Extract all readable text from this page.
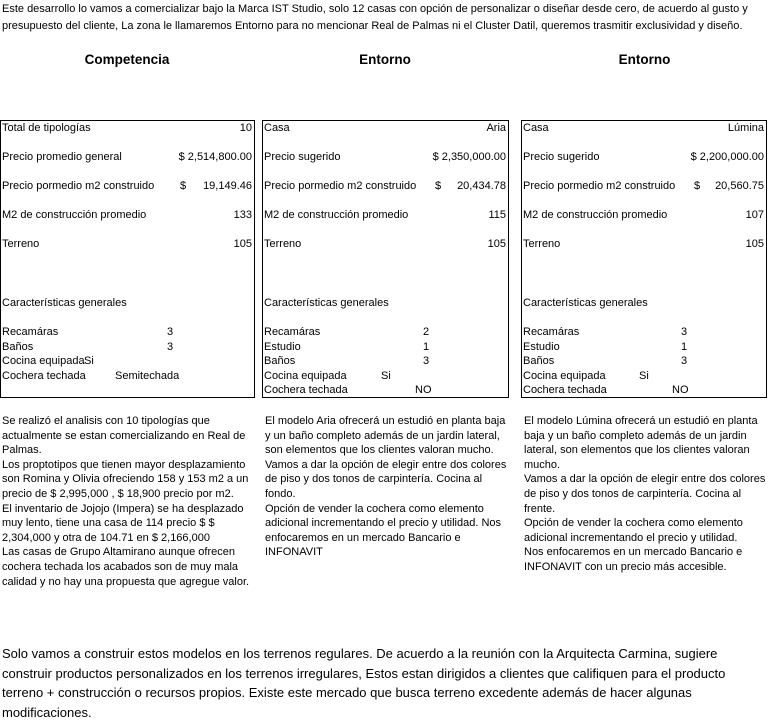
Este desarrollo lo vamos a comercializar bajo la Marca IST Studio, solo 12 casas con opción de personalizar o diseñar desde cero, de acuerdo al gusto y presupuesto del cliente, La zona le llamaremos Entorno para no mencionar Real de Palmas ni el Cluster Datil, queremos trasmitir exclusividad y diseño.
Competencia	Entorno	Entorno
Total de tipologías	10
Precio promedio general	$ 2,514,800.00
Precio pormedio m2 construido $ 19,149.46
M2 de construcción promedio	133
Terreno	105
Características generales
Recamáras	3
Baños	3
Cocina equipada Si
Cochera techada	Semitechada
Casa	Aria
Precio sugerido	$ 2,350,000.00
Precio pormedio m2 construido $ 20,434.78
M2 de construcción promedio	115
Terreno	105
Características generales
Recamáras	2
Estudio	1
Baños	3
Cocina equipada	Si
Cochera techada	NO
Casa	Lúmina
Precio sugerido	$ 2,200,000.00
Precio pormedio m2 construido $ 20,560.75
M2 de construcción promedio	107
Terreno	105
Características generales
Recamáras	3
Estudio	1
Baños	3
Cocina equipada	Si
Cochera techada	NO

Se realizó el analisis con 10 tipologías que actualmente se estan comercializando en Real de Palmas.

Los proptotipos que tienen mayor desplazamiento son Romina y Olivia ofreciendo 158 y 153 m2 a un precio de $ 2,995,000 , $ 18,900 precio por m2.

El inventario de Jojojo (Impera) se ha desplazado muy lento, tiene una casa de 114 precio $ $ 2,304,000 y otra de 104.71 en $ 2,166,000

Las casas de Grupo Altamirano aunque ofrecen cochera techada los acabados son de muy mala calidad y no hay una propuesta que agregue valor.

El modelo Aria ofrecerá un estudió en planta baja y un baño completo además de un jardin lateral, son elementos que los clientes valoran mucho.

Vamos a dar la opción de elegir entre dos colores de piso y dos tonos de carpintería. Cocina al fondo.

Opción de vender la cochera como elemento adicional incrementando el precio y utilidad. Nos enfocaremos en un mercado Bancario e INFONAVIT

El modelo Lúmina ofrecerá un estudió en planta baja y un baño completo además de un jardin lateral, son elementos que los clientes valoran mucho.

Vamos a dar la opción de elegir entre dos colores de piso y dos tonos de carpintería. Cocina al frente.

Opción de vender la cochera como elemento adicional incrementando el precio y utilidad.

Nos enfocaremos en un mercado Bancario e INFONAVIT con un precio más accesible.

Solo vamos a construir estos modelos en los terrenos regulares. De acuerdo a la reunión con la Arquitecta Carmina, sugiere construir productos personalizados en los terrenos irregulares, Estos estan dirigidos a clientes que califiquen para el producto terreno + construcción o recursos propios. Existe este mercado que busca terreno excedente además de hacer algunas modificaciones.
